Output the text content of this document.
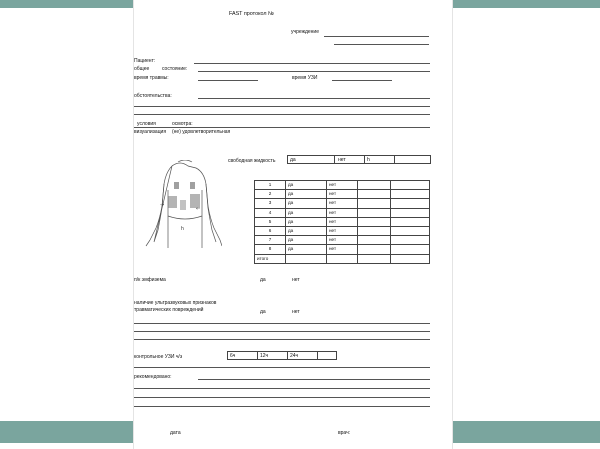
FAST протокол №
учреждение
Пациент:
общее	состояние:
время травмы:	время УЗИ
обстоятельства:
условия	осмотра:
визуализация (не) удовлетворительная
свободная жидкость	да	нет	h
⇢
⇠
h
1	да	нет		
2	да	нет		
3	да	нет		
4	да	нет		
5	да	нет		
6	да	нет		
7	да	нет		
8	да	нет		
итого				
п/к эмфизема	да	нет
наличие ультразвуковых признаков
травматических повреждений	да	нет
контрольное УЗИ ч/з	6ч	12ч	24ч
рекомендовано:
дата	врач:
